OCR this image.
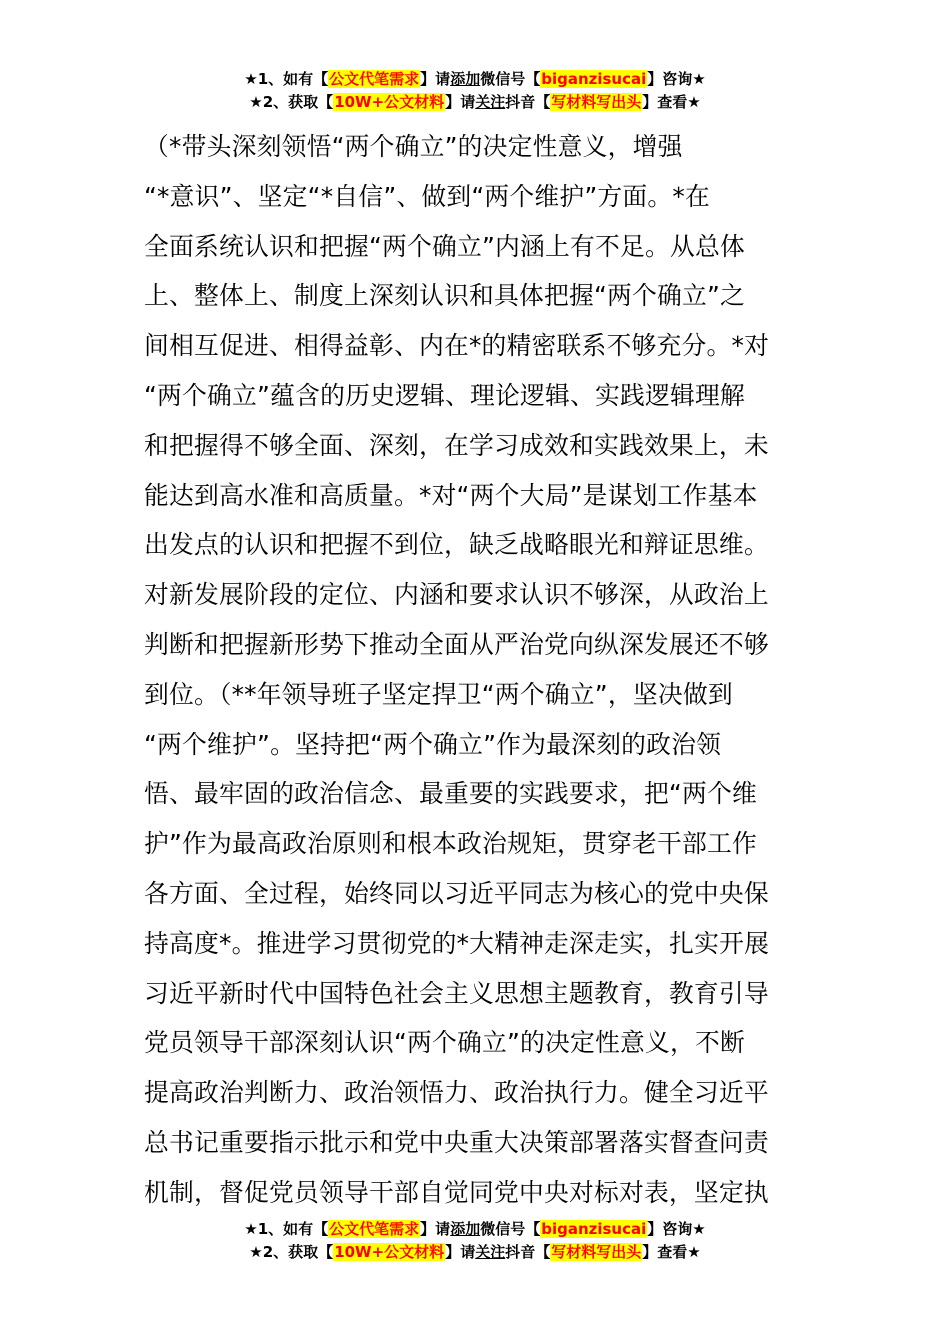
★1、如有【公文代笔需求】请添加微信号【biganzisucai】咨询★
★2、获取【10W+公文材料】请关注抖音【写材料写出头】查看★
（*带头深刻领悟“两个确立”的决定性意义，增强
“*意识”、坚定“*自信”、做到“两个维护”方面。*在
全面系统认识和把握“两个确立”内涵上有不足。从总体
上、整体上、制度上深刻认识和具体把握“两个确立”之
间相互促进、相得益彰、内在*的精密联系不够充分。*对
“两个确立”蕴含的历史逻辑、理论逻辑、实践逻辑理解
和把握得不够全面、深刻，在学习成效和实践效果上，未
能达到高水准和高质量。*对“两个大局”是谋划工作基本
出发点的认识和把握不到位，缺乏战略眼光和辩证思维。
对新发展阶段的定位、内涵和要求认识不够深，从政治上
判断和把握新形势下推动全面从严治党向纵深发展还不够
到位。（**年领导班子坚定捍卫“两个确立”，坚决做到
“两个维护”。坚持把“两个确立”作为最深刻的政治领
悟、最牢固的政治信念、最重要的实践要求，把“两个维
护”作为最高政治原则和根本政治规矩，贯穿老干部工作
各方面、全过程，始终同以习近平同志为核心的党中央保
持高度*。推进学习贯彻党的*大精神走深走实，扎实开展
习近平新时代中国特色社会主义思想主题教育，教育引导
党员领导干部深刻认识“两个确立”的决定性意义，不断
提高政治判断力、政治领悟力、政治执行力。健全习近平
总书记重要指示批示和党中央重大决策部署落实督查问责
机制，督促党员领导干部自觉同党中央对标对表，坚定执
★1、如有【公文代笔需求】请添加微信号【biganzisucai】咨询★
★2、获取【10W+公文材料】请关注抖音【写材料写出头】查看★
